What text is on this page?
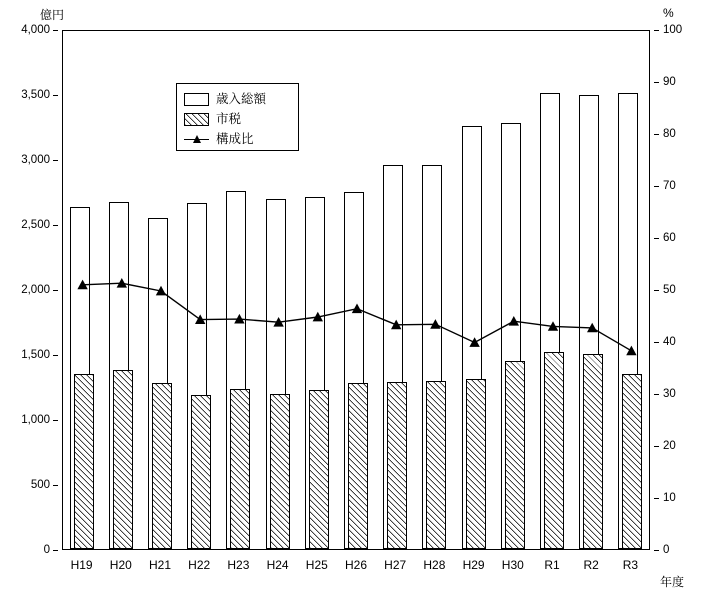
億円	%
年度
0
500
1,000
1,500
2,000
2,500
3,000
3,500
4,000
0
10
20
30
40
50
60
70
80
90
100
歳入総額
市税
構成比
H19 H20 H21 H22 H23 H24 H25 H26 H27 H28 H29 H30 R1 R2 R3
